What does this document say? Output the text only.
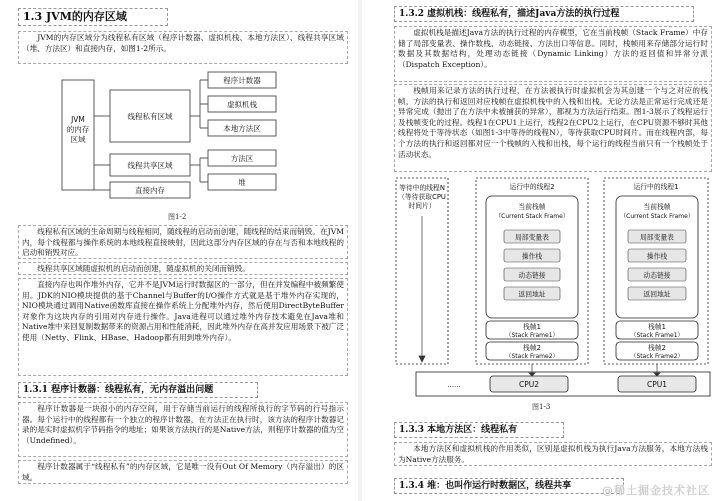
1.3 JVM的内存区域
JVM的内存区域分为线程私有区域（程序计数器、虚拟机栈、本地方法区）、线程共享区域（堆、方法区）和直接内存，如图1-2所示。
JVM
的内存
区域
线程私有区域
线程共享区域
直接内存
程序计数器
虚拟机栈
本地方法区
方法区
堆
图1-2
线程私有区域的生命周期与线程相同，随线程的启动而创建，随线程的结束而销毁。在JVM内，每个线程都与操作系统的本地线程直接映射，因此这部分内存区域的存在与否和本地线程的启动和销毁对应。
线程共享区域随虚拟机的启动而创建，随虚拟机的关闭而销毁。
直接内存也叫作堆外内存，它并不是JVM运行时数据区的一部分，但在并发编程中被频繁使用。JDK的NIO模块提供的基于Channel与Buffer的I/O操作方式就是基于堆外内存实现的，NIO模块通过调用Native函数库直接在操作系统上分配堆外内存，然后使用DirectByteBuffer对象作为这块内存的引用对内存进行操作。Java进程可以通过堆外内存技术避免在Java堆和Native堆中来回复制数据带来的资源占用和性能消耗，因此堆外内存在高并发应用场景下被广泛使用（Netty、Flink、HBase、Hadoop都有用到堆外内存）。
1.3.1 程序计数器：线程私有，无内存溢出问题
程序计数器是一块很小的内存空间，用于存储当前运行的线程所执行的字节码的行号指示器。每个运行中的线程都有一个独立的程序计数器，在方法正在执行时，该方法的程序计数器记录的是实时虚拟机字节码指令的地址；如果该方法执行的是Native方法，则程序计数器的值为空（Undefined）。
程序计数器属于“线程私有”的内存区域，它是唯一没有Out Of Memory（内存溢出）的区域。
1.3.2 虚拟机栈：线程私有，描述Java方法的执行过程
虚拟机栈是描述Java方法的执行过程的内存模型，它在当前栈帧（Stack Frame）中存储了局部变量表、操作数栈、动态链接、方法出口等信息。同时，栈帧用来存储部分运行时数据及其数据结构，处理动态链接（Dynamic Linking）方法的返回值和异常分派（Dispatch Exception）。
栈帧用来记录方法的执行过程，在方法被执行时虚拟机会为其创建一个与之对应的栈帧，方法的执行和返回对应栈帧在虚拟机栈中的入栈和出栈。无论方法是正常运行完成还是异常完成（抛出了在方法中未被捕获的异常），都视为方法运行结束。图1-3展示了线程运行及栈帧变化的过程。线程1在CPU1上运行，线程2在CPU2上运行，在CPU资源不够时其他线程将处于等待状态（如图1-3中等待的线程N），等待获取CPU时间片。而在线程内部，每个方法的执行和返回都对应一个栈帧的入栈和出栈，每个运行的线程当前只有一个栈帧处于活动状态。
等待中的线程N
（等待获取CPU
时间片）
运行中的线程2	运行中的线程1
当前栈帧
（Current Stack Frame）
当前栈帧
（Current Stack Frame）
局部变量表
操作栈
动态链接
返回地址
局部变量表
操作栈
动态链接
返回地址
栈帧1
（Stack Frame1）
栈帧1
（Stack Frame1）
栈帧2
（Stack Frame2）
栈帧2
（Stack Frame2）
CPU2	CPU1
……
图1-3
1.3.3 本地方法区：线程私有
本地方法区和虚拟机栈的作用类似，区别是虚拟机栈为执行Java方法服务，本地方法栈为Native方法服务。
1.3.4 堆：也叫作运行时数据区，线程共享	@稀土掘金技术社区
